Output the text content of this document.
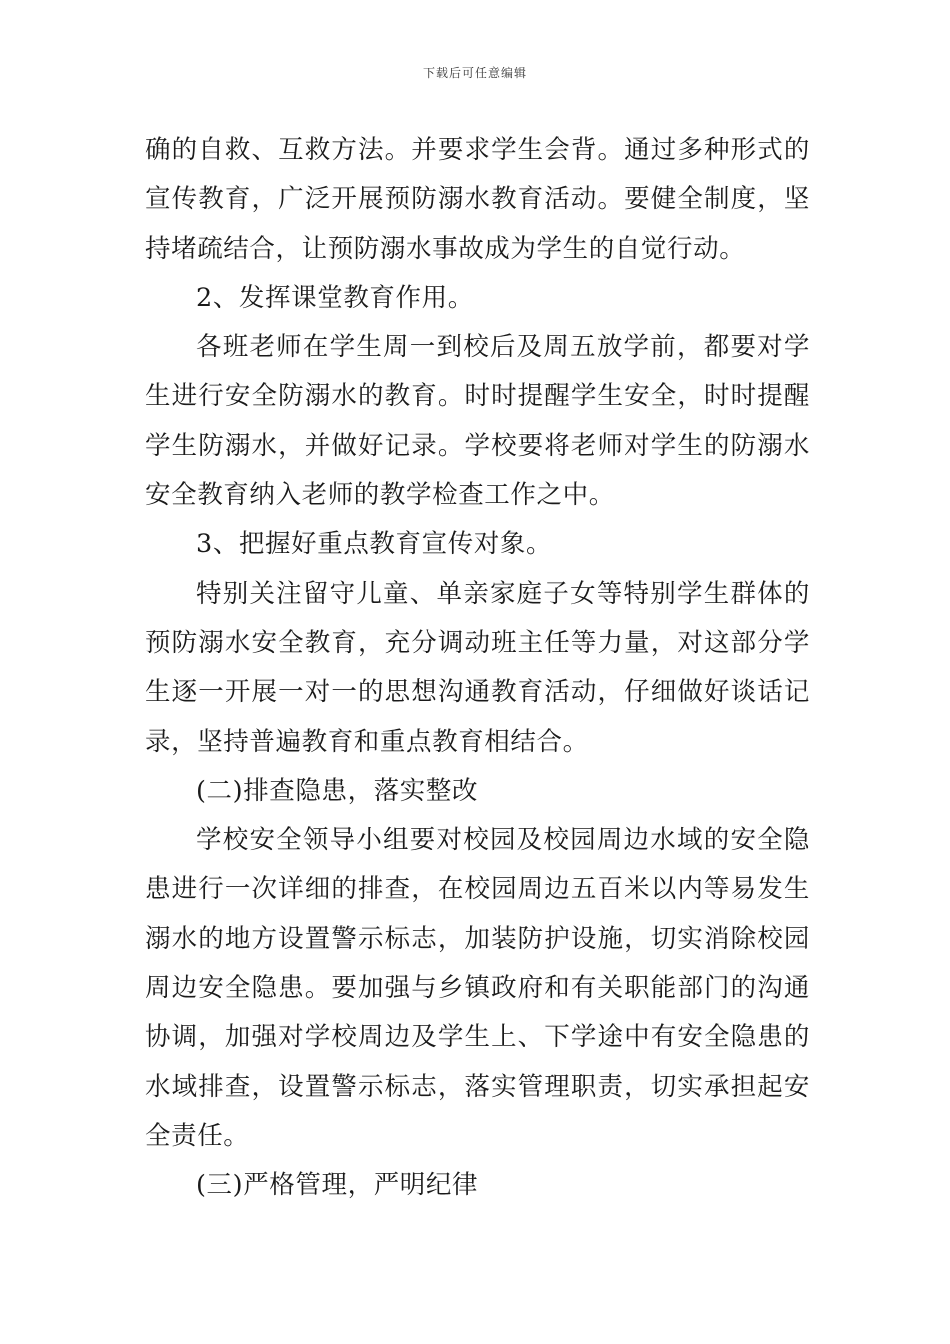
下载后可任意编辑

确的自救、互救方法。并要求学生会背。通过多种形式的宣传教育，广泛开展预防溺水教育活动。要健全制度，坚持堵疏结合，让预防溺水事故成为学生的自觉行动。

2、发挥课堂教育作用。

各班老师在学生周一到校后及周五放学前，都要对学生进行安全防溺水的教育。时时提醒学生安全，时时提醒学生防溺水，并做好记录。学校要将老师对学生的防溺水安全教育纳入老师的教学检查工作之中。

3、把握好重点教育宣传对象。

特别关注留守儿童、单亲家庭子女等特别学生群体的预防溺水安全教育，充分调动班主任等力量，对这部分学生逐一开展一对一的思想沟通教育活动，仔细做好谈话记录，坚持普遍教育和重点教育相结合。

(二)排查隐患，落实整改

学校安全领导小组要对校园及校园周边水域的安全隐患进行一次详细的排查，在校园周边五百米以内等易发生溺水的地方设置警示标志，加装防护设施，切实消除校园周边安全隐患。要加强与乡镇政府和有关职能部门的沟通协调，加强对学校周边及学生上、下学途中有安全隐患的水域排查，设置警示标志，落实管理职责，切实承担起安全责任。

(三)严格管理，严明纪律
